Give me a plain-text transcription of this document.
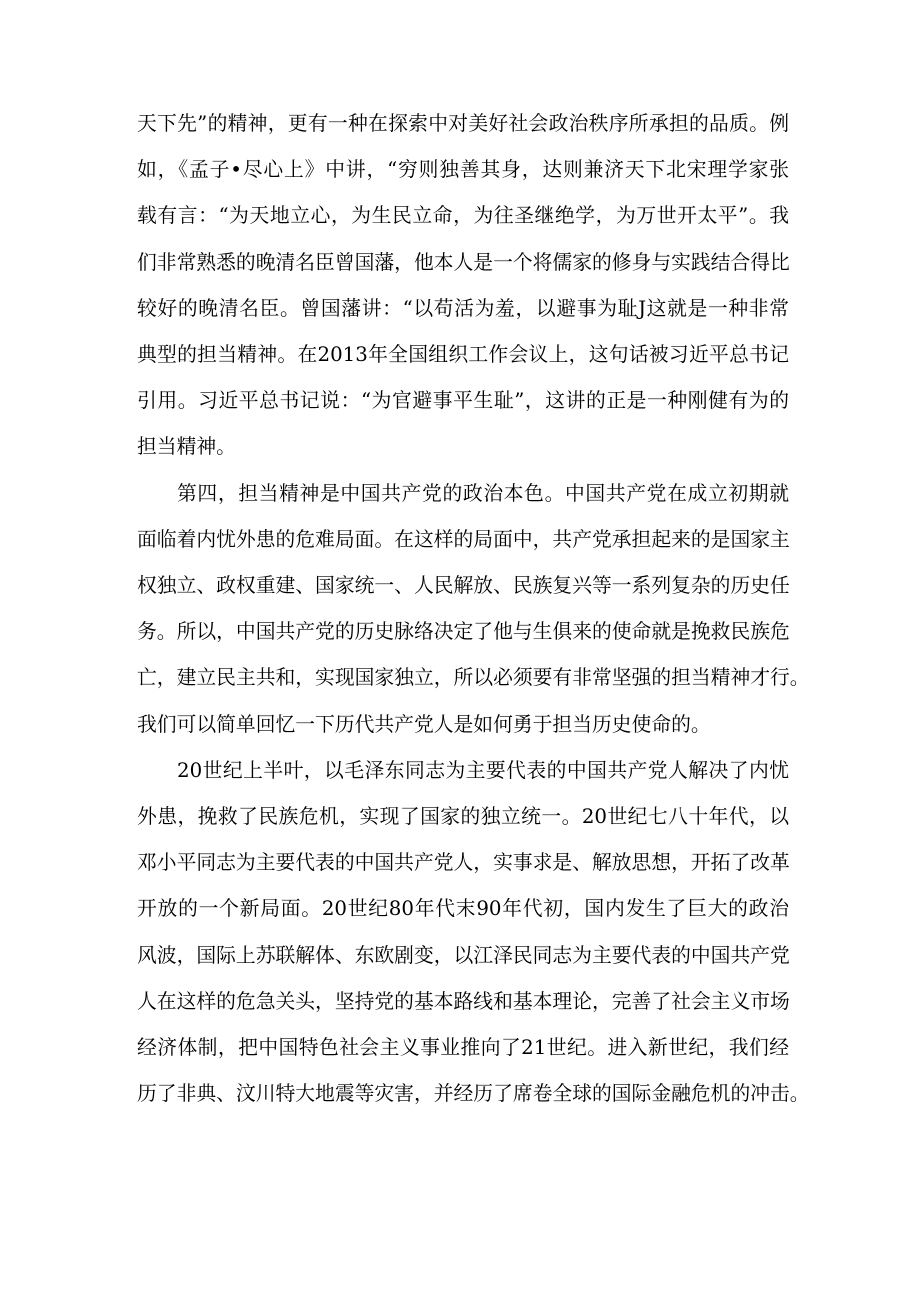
天下先”的精神，更有一种在探索中对美好社会政治秩序所承担的品质。例
如，《孟子•尽心上》中讲，“穷则独善其身，达则兼济天下北宋理学家张
载有言：“为天地立心，为生民立命，为往圣继绝学，为万世开太平”。我
们非常熟悉的晚清名臣曾国藩，他本人是一个将儒家的修身与实践结合得比
较好的晚清名臣。曾国藩讲：“以苟活为羞，以避事为耻J这就是一种非常
典型的担当精神。在2013年全国组织工作会议上，这句话被习近平总书记
引用。习近平总书记说：“为官避事平生耻”，这讲的正是一种刚健有为的
担当精神。
第四，担当精神是中国共产党的政治本色。中国共产党在成立初期就
面临着内忧外患的危难局面。在这样的局面中，共产党承担起来的是国家主
权独立、政权重建、国家统一、人民解放、民族复兴等一系列复杂的历史任
务。所以，中国共产党的历史脉络决定了他与生俱来的使命就是挽救民族危
亡，建立民主共和，实现国家独立，所以必须要有非常坚强的担当精神才行。
我们可以简单回忆一下历代共产党人是如何勇于担当历史使命的。
20世纪上半叶，以毛泽东同志为主要代表的中国共产党人解决了内忧
外患，挽救了民族危机，实现了国家的独立统一。20世纪七八十年代，以
邓小平同志为主要代表的中国共产党人，实事求是、解放思想，开拓了改革
开放的一个新局面。20世纪80年代末90年代初，国内发生了巨大的政治
风波，国际上苏联解体、东欧剧变，以江泽民同志为主要代表的中国共产党
人在这样的危急关头，坚持党的基本路线和基本理论，完善了社会主义市场
经济体制，把中国特色社会主义事业推向了21世纪。进入新世纪，我们经
历了非典、汶川特大地震等灾害，并经历了席卷全球的国际金融危机的冲击。
